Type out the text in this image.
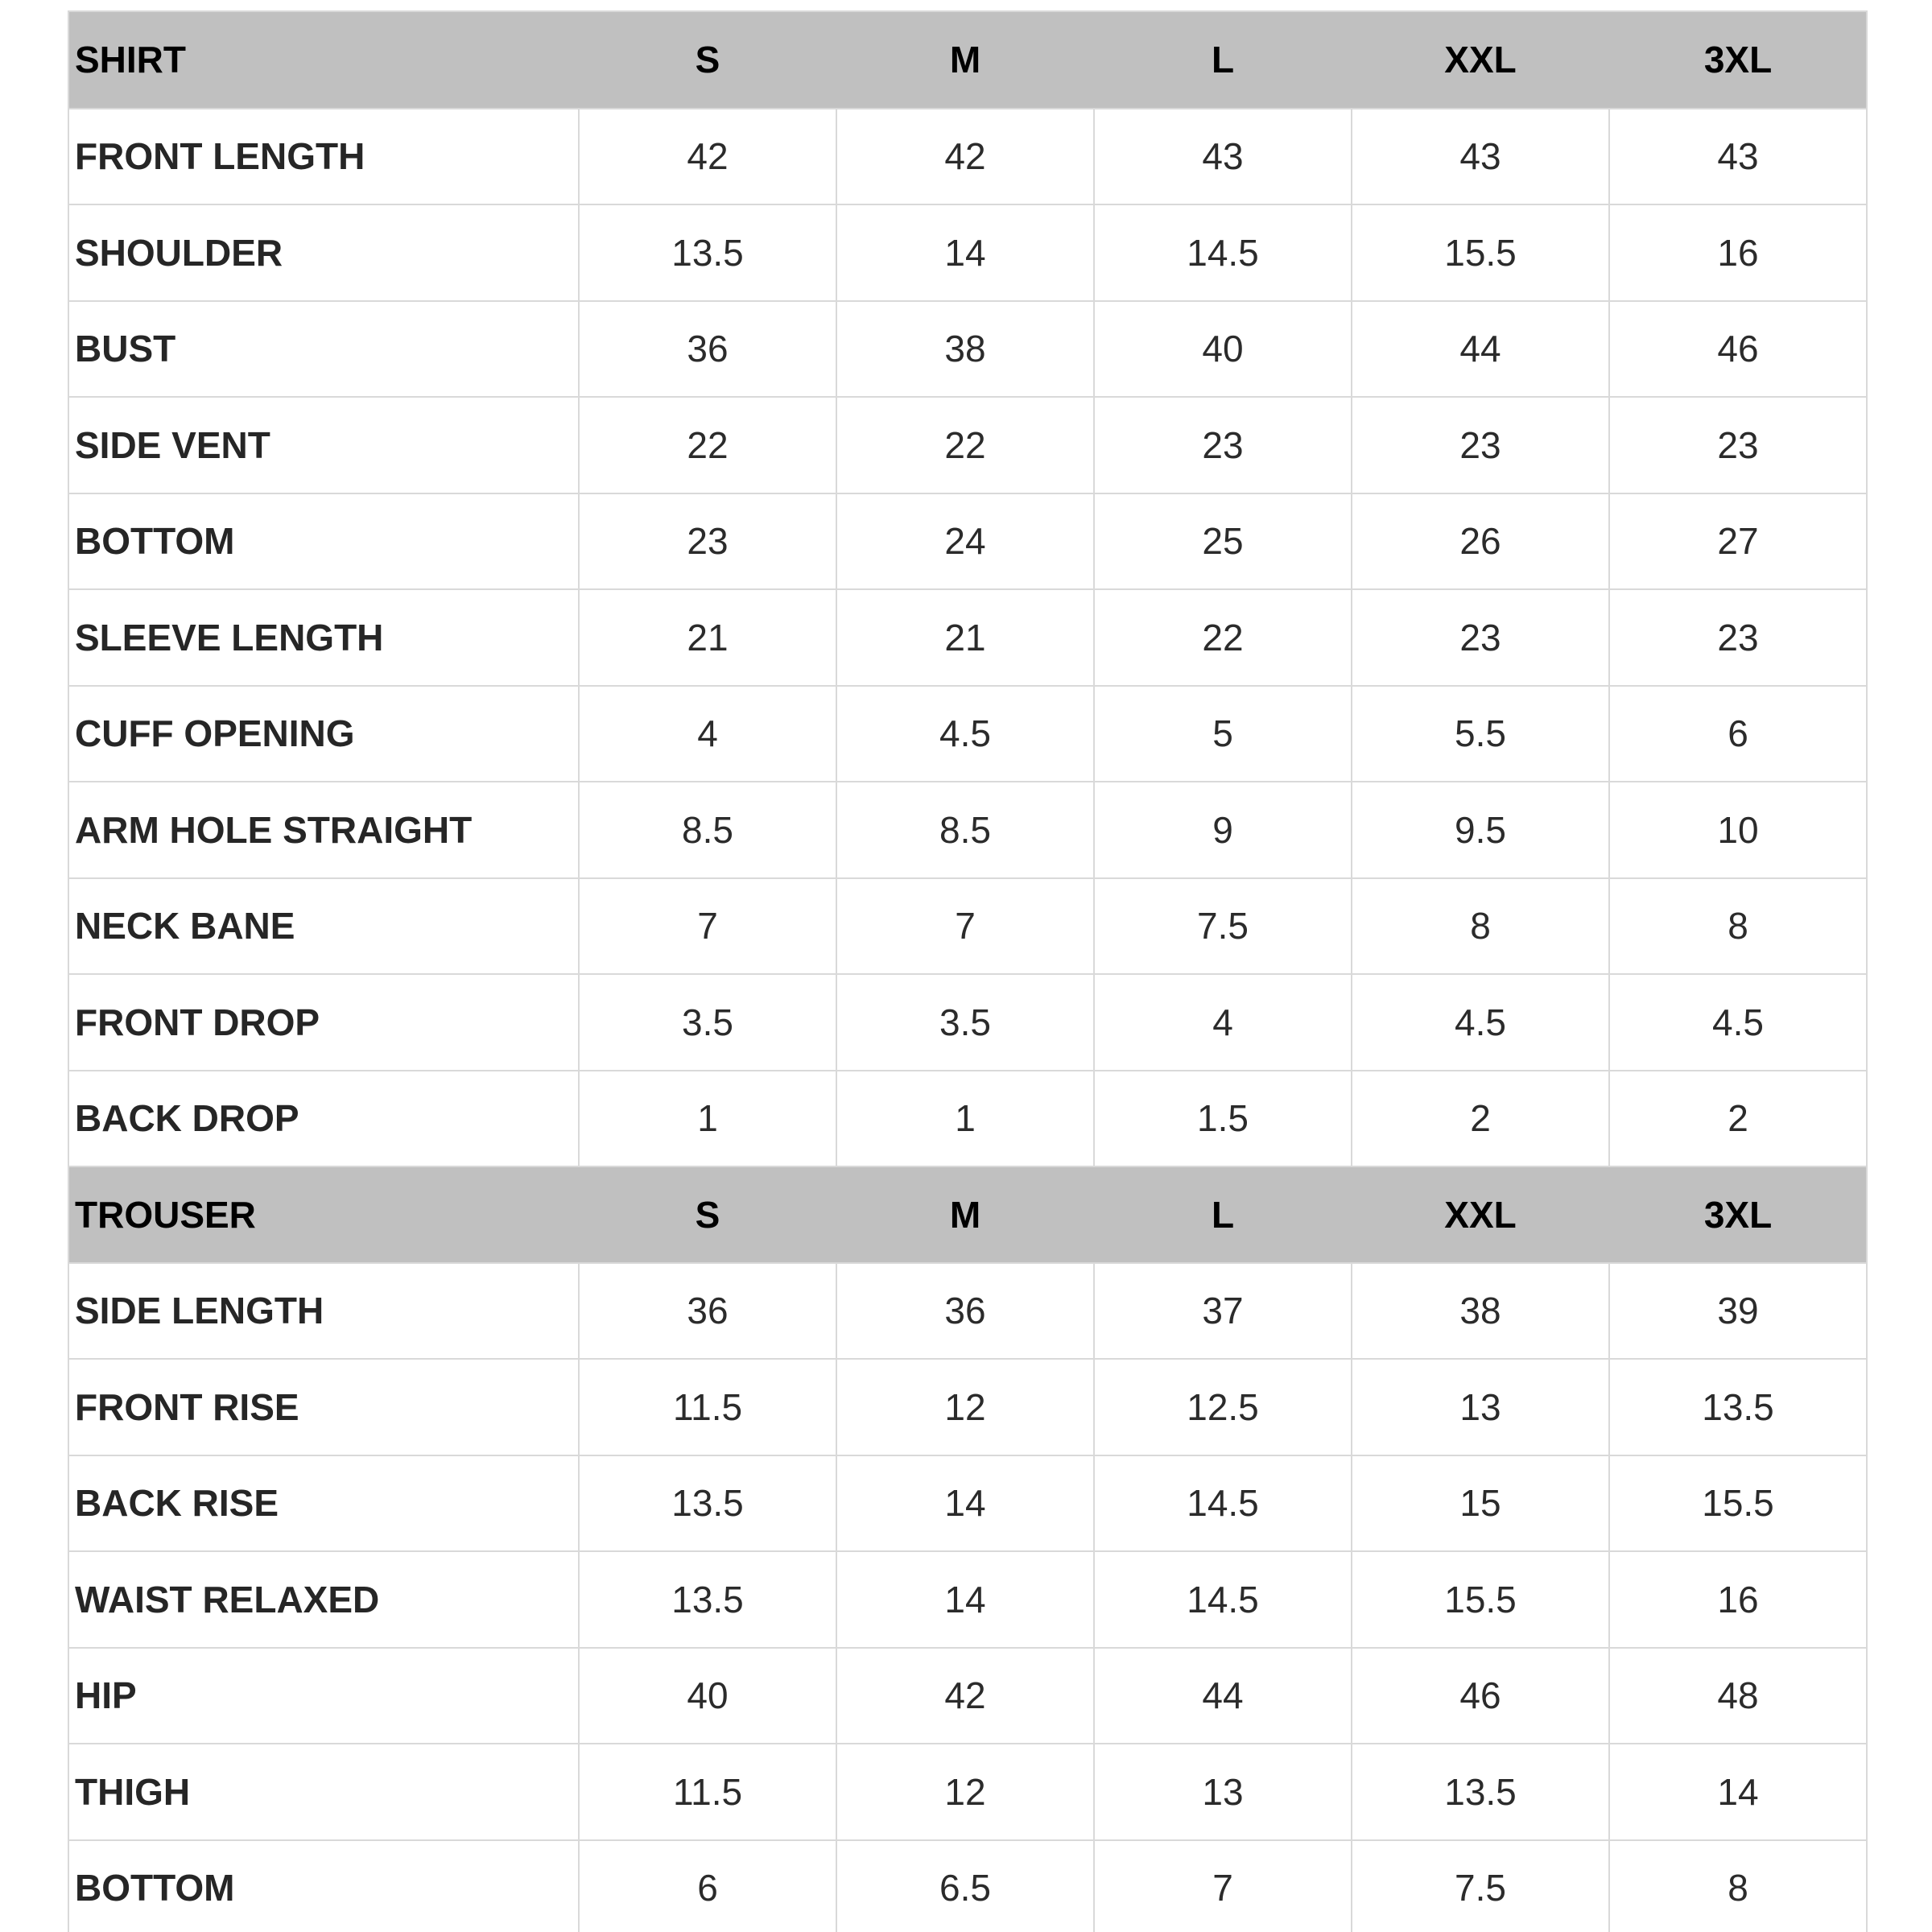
SHIRT	S	M	L	XXL	3XL
FRONT LENGTH	42	42	43	43	43
SHOULDER	13.5	14	14.5	15.5	16
BUST	36	38	40	44	46
SIDE VENT	22	22	23	23	23
BOTTOM	23	24	25	26	27
SLEEVE LENGTH	21	21	22	23	23
CUFF OPENING	4	4.5	5	5.5	6
ARM HOLE STRAIGHT	8.5	8.5	9	9.5	10
NECK BANE	7	7	7.5	8	8
FRONT DROP	3.5	3.5	4	4.5	4.5
BACK DROP	1	1	1.5	2	2
TROUSER	S	M	L	XXL	3XL
SIDE LENGTH	36	36	37	38	39
FRONT RISE	11.5	12	12.5	13	13.5
BACK RISE	13.5	14	14.5	15	15.5
WAIST RELAXED	13.5	14	14.5	15.5	16
HIP	40	42	44	46	48
THIGH	11.5	12	13	13.5	14
BOTTOM	6	6.5	7	7.5	8
